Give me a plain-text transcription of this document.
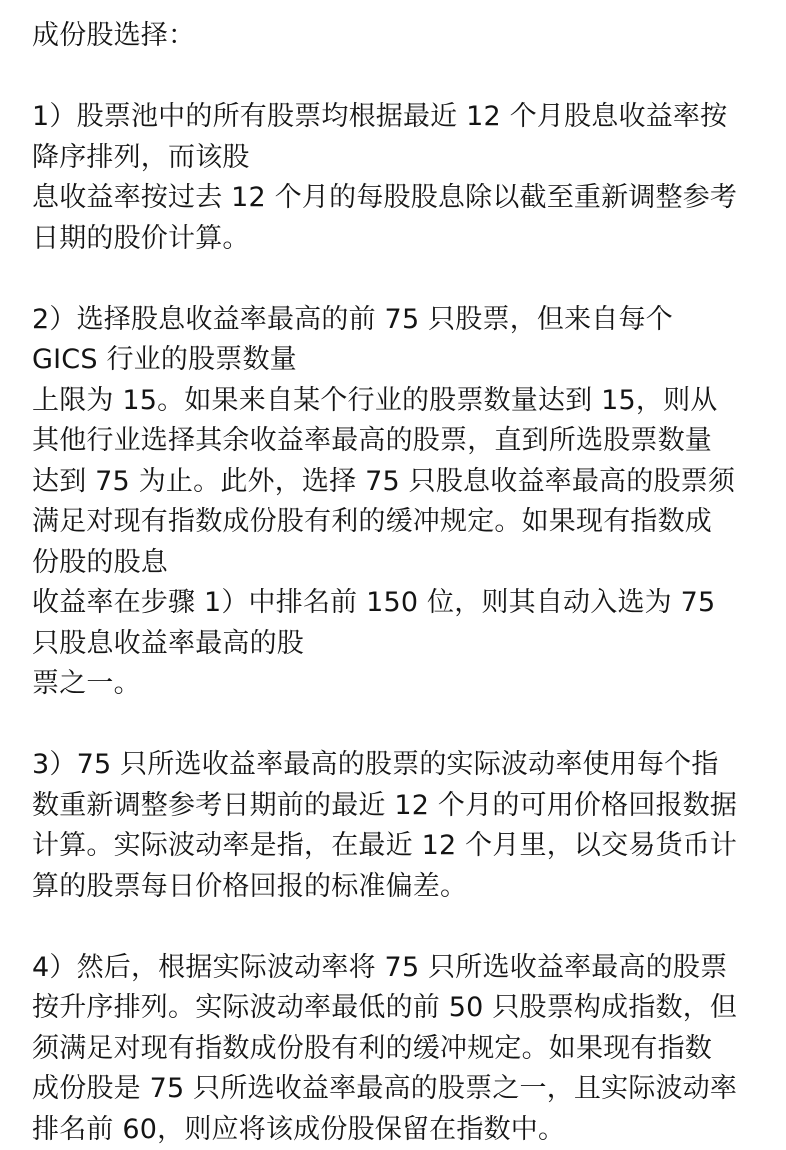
成份股选择：
1）股票池中的所有股票均根据最近 12 个月股息收益率按
降序排列，而该股
息收益率按过去 12 个月的每股股息除以截至重新调整参考
日期的股价计算。
2）选择股息收益率最高的前 75 只股票，但来自每个
GICS 行业的股票数量
上限为 15。如果来自某个行业的股票数量达到 15，则从
其他行业选择其余收益率最高的股票，直到所选股票数量
达到 75 为止。此外，选择 75 只股息收益率最高的股票须
满足对现有指数成份股有利的缓冲规定。如果现有指数成
份股的股息
收益率在步骤 1）中排名前 150 位，则其自动入选为 75
只股息收益率最高的股
票之一。
3）75 只所选收益率最高的股票的实际波动率使用每个指
数重新调整参考日期前的最近 12 个月的可用价格回报数据
计算。实际波动率是指，在最近 12 个月里，以交易货币计
算的股票每日价格回报的标准偏差。
4）然后，根据实际波动率将 75 只所选收益率最高的股票
按升序排列。实际波动率最低的前 50 只股票构成指数，但
须满足对现有指数成份股有利的缓冲规定。如果现有指数
成份股是 75 只所选收益率最高的股票之一，且实际波动率
排名前 60，则应将该成份股保留在指数中。
